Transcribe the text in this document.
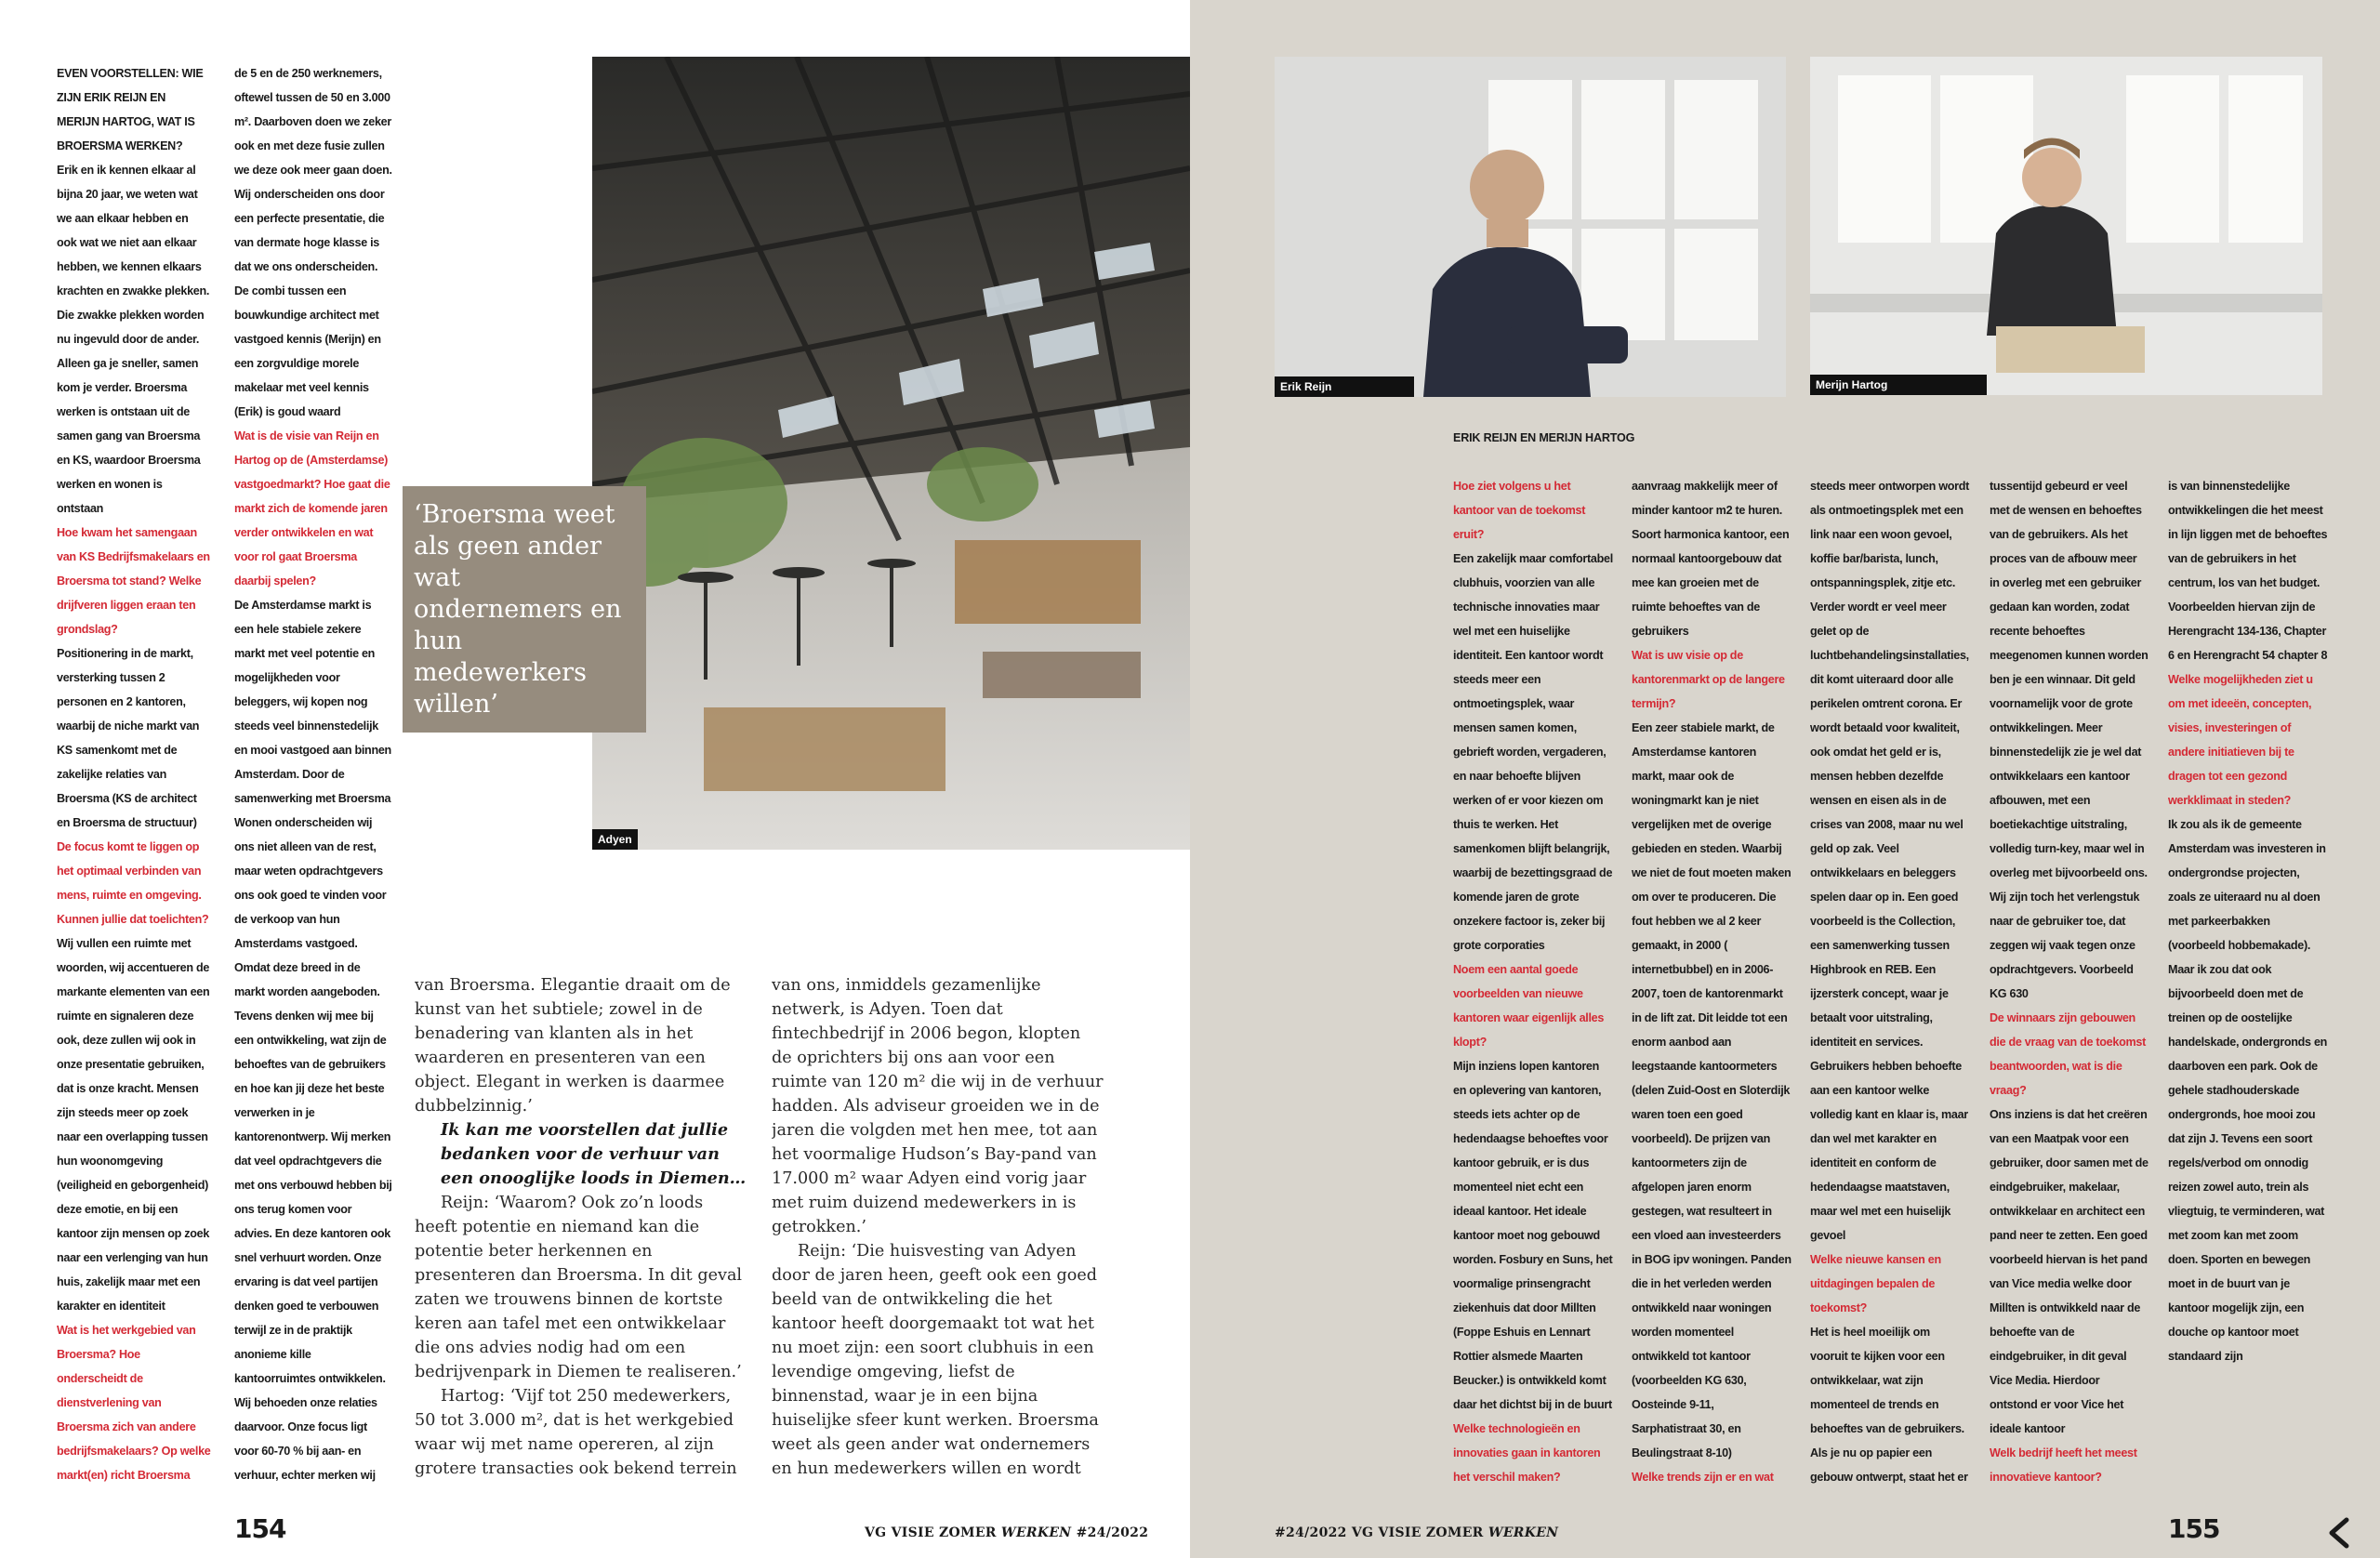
EVEN VOORSTELLEN: WIE ZIJN ERIK REIJN EN MERIJN HARTOG, WAT IS BROERSMA WERKEN?

Erik en ik kennen elkaar al bijna 20 jaar, we weten wat we aan elkaar hebben en ook wat we niet aan elkaar hebben, we kennen elkaars krachten en zwakke plekken. Die zwakke plekken worden nu ingevuld door de ander. Alleen ga je sneller, samen kom je verder. Broersma werken is ontstaan uit de samen gang van Broersma en KS, waardoor Broersma werken en wonen is ontstaan

Hoe kwam het samengaan van KS Bedrijfsmakelaars en Broersma tot stand? Welke drijfveren liggen eraan ten grondslag?

Positionering in de markt, versterking tussen 2 personen en 2 kantoren, waarbij de niche markt van KS samenkomt met de zakelijke relaties van Broersma (KS de architect en Broersma de structuur)

De focus komt te liggen op het optimaal verbinden van mens, ruimte en omgeving. Kunnen jullie dat toelichten?

Wij vullen een ruimte met woorden, wij accentueren de markante elementen van een ruimte en signaleren deze ook, deze zullen wij ook in onze presentatie gebruiken, dat is onze kracht. Mensen zijn steeds meer op zoek naar een overlapping tussen hun woonomgeving (veiligheid en geborgenheid) deze emotie, en bij een kantoor zijn mensen op zoek naar een verlenging van hun huis, zakelijk maar met een karakter en identiteit

Wat is het werkgebied van Broersma? Hoe onderscheidt de dienstverlening van Broersma zich van andere bedrijfsmakelaars? Op welke markt(en) richt Broersma

de 5 en de 250 werknemers, oftewel tussen de 50 en 3.000 m². Daarboven doen we zeker ook en met deze fusie zullen we deze ook meer gaan doen. Wij onderscheiden ons door een perfecte presentatie, die van dermate hoge klasse is dat we ons onderscheiden. De combi tussen een bouwkundige architect met vastgoed kennis (Merijn) en een zorgvuldige morele makelaar met veel kennis (Erik) is goud waard

Wat is de visie van Reijn en Hartog op de (Amsterdamse) vastgoedmarkt? Hoe gaat die markt zich de komende jaren verder ontwikkelen en wat voor rol gaat Broersma daarbij spelen?

De Amsterdamse markt is een hele stabiele zekere markt met veel potentie en mogelijkheden voor beleggers, wij kopen nog steeds veel binnenstedelijk en mooi vastgoed aan binnen Amsterdam. Door de samenwerking met Broersma Wonen onderscheiden wij ons niet alleen van de rest, maar weten opdrachtgevers ons ook goed te vinden voor de verkoop van hun Amsterdams vastgoed. Omdat deze breed in de markt worden aangeboden. Tevens denken wij mee bij een ontwikkeling, wat zijn de behoeftes van de gebruikers en hoe kan jij deze het beste verwerken in je kantorenontwerp. Wij merken dat veel opdrachtgevers die met ons verbouwd hebben bij ons terug komen voor advies. En deze kantoren ook snel verhuurt worden. Onze ervaring is dat veel partijen denken goed te verbouwen terwijl ze in de praktijk anonieme kille kantoorruimtes ontwikkelen. Wij behoeden onze relaties daarvoor. Onze focus ligt voor 60-70 % bij aan- en verhuur, echter merken wij

Adyen
‘Broersma weet als geen ander wat ondernemers en hun medewerkers willen’

van Broersma. Elegantie draait om de kunst van het subtiele; zowel in de benadering van klanten als in het waarderen en presenteren van een object. Elegant in werken is daarmee dubbelzinnig.’

Ik kan me voorstellen dat jullie bedanken voor de verhuur van een onooglijke loods in Diemen…

Reijn: ‘Waarom? Ook zo’n loods heeft potentie en niemand kan die potentie beter herkennen en presenteren dan Broersma. In dit geval zaten we trouwens binnen de kortste keren aan tafel met een ontwikkelaar die ons advies nodig had om een bedrijvenpark in Diemen te realiseren.’

Hartog: ‘Vijf tot 250 medewerkers, 50 tot 3.000 m², dat is het werkgebied waar wij met name opereren, al zijn grotere transacties ook bekend terrein

van ons, inmiddels gezamenlijke netwerk, is Adyen. Toen dat fintechbedrijf in 2006 begon, klopten de oprichters bij ons aan voor een ruimte van 120 m² die wij in de verhuur hadden. Als adviseur groeiden we in de jaren die volgden met hen mee, tot aan het voormalige Hudson’s Bay-pand van 17.000 m² waar Adyen eind vorig jaar met ruim duizend medewerkers in is getrokken.’

Reijn: ‘Die huisvesting van Adyen door de jaren heen, geeft ook een goed beeld van de ontwikkeling die het kantoor heeft doorgemaakt tot wat het nu moet zijn: een soort clubhuis in een levendige omgeving, liefst de binnenstad, waar je in een bijna huiselijke sfeer kunt werken. Broersma weet als geen ander wat ondernemers en hun medewerkers willen en wordt

154	VG VISIE ZOMER WERKEN #24/2022
Erik Reijn	Merijn Hartog
ERIK REIJN EN MERIJN HARTOG

Hoe ziet volgens u het kantoor van de toekomst eruit?

Een zakelijk maar comfortabel clubhuis, voorzien van alle technische innovaties maar wel met een huiselijke identiteit. Een kantoor wordt steeds meer een ontmoetingsplek, waar mensen samen komen, gebrieft worden, vergaderen, en naar behoefte blijven werken of er voor kiezen om thuis te werken. Het samenkomen blijft belangrijk, waarbij de bezettingsgraad de komende jaren de grote onzekere factoor is, zeker bij grote corporaties

Noem een aantal goede voorbeelden van nieuwe kantoren waar eigenlijk alles klopt?

Mijn inziens lopen kantoren en oplevering van kantoren, steeds iets achter op de hedendaagse behoeftes voor kantoor gebruik, er is dus momenteel niet echt een ideaal kantoor. Het ideale kantoor moet nog gebouwd worden. Fosbury en Suns, het voormalige prinsengracht ziekenhuis dat door Millten (Foppe Eshuis en Lennart Rottier alsmede Maarten Beucker.) is ontwikkeld komt daar het dichtst bij in de buurt

Welke technologieën en innovaties gaan in kantoren het verschil maken?

aanvraag makkelijk meer of minder kantoor m2 te huren. Soort harmonica kantoor, een normaal kantoorgebouw dat mee kan groeien met de ruimte behoeftes van de gebruikers

Wat is uw visie op de kantorenmarkt op de langere termijn?

Een zeer stabiele markt, de Amsterdamse kantoren markt, maar ook de woningmarkt kan je niet vergelijken met de overige gebieden en steden. Waarbij we niet de fout moeten maken om over te produceren. Die fout hebben we al 2 keer gemaakt, in 2000 ( internetbubbel) en in 2006-2007, toen de kantorenmarkt in de lift zat. Dit leidde tot een enorm aanbod aan leegstaande kantoormeters (delen Zuid-Oost en Sloterdijk waren toen een goed voorbeeld). De prijzen van kantoormeters zijn de afgelopen jaren enorm gestegen, wat resulteert in een vloed aan investeerders in BOG ipv woningen. Panden die in het verleden werden ontwikkeld naar woningen worden momenteel ontwikkeld tot kantoor (voorbeelden KG 630, Oosteinde 9-11, Sarphatistraat 30, en Beulingstraat 8-10)

Welke trends zijn er en wat

steeds meer ontworpen wordt als ontmoetingsplek met een link naar een woon gevoel, koffie bar/barista, lunch, ontspanningsplek, zitje etc. Verder wordt er veel meer geIet op de luchtbehandelingsinstallaties, dit komt uiteraard door alle perikelen omtrent corona. Er wordt betaald voor kwaliteit, ook omdat het geld er is, mensen hebben dezelfde wensen en eisen als in de crises van 2008, maar nu wel geld op zak. Veel ontwikkelaars en beleggers spelen daar op in. Een goed voorbeeld is the Collection, een samenwerking tussen Highbrook en REB. Een ijzersterk concept, waar je betaalt voor uitstraling, identiteit en services. Gebruikers hebben behoefte aan een kantoor welke volledig kant en klaar is, maar dan wel met karakter en identiteit en conform de hedendaagse maatstaven, maar wel met een huiselijk gevoel

Welke nieuwe kansen en uitdagingen bepalen de toekomst?

Het is heel moeilijk om vooruit te kijken voor een ontwikkelaar, wat zijn momenteel de trends en behoeftes van de gebruikers. Als je nu op papier een gebouw ontwerpt, staat het er

tussentijd gebeurd er veel met de wensen en behoeftes van de gebruikers. Als het proces van de afbouw meer in overleg met een gebruiker gedaan kan worden, zodat recente behoeftes meegenomen kunnen worden ben je een winnaar. Dit geld voornamelijk voor de grote ontwikkelingen. Meer binnenstedelijk zie je wel dat ontwikkelaars een kantoor afbouwen, met een boetiekachtige uitstraling, volledig turn-key, maar wel in overleg met bijvoorbeeld ons. Wij zijn toch het verlengstuk naar de gebruiker toe, dat zeggen wij vaak tegen onze opdrachtgevers. Voorbeeld KG 630

De winnaars zijn gebouwen die de vraag van de toekomst beantwoorden, wat is die vraag?

Ons inziens is dat het creëren van een Maatpak voor een gebruiker, door samen met de eindgebruiker, makelaar, ontwikkelaar en architect een pand neer te zetten. Een goed voorbeeld hiervan is het pand van Vice media welke door Millten is ontwikkeld naar de behoefte van de eindgebruiker, in dit geval Vice Media. Hierdoor ontstond er voor Vice het ideale kantoor

Welk bedrijf heeft het meest innovatieve kantoor?

is van binnenstedelijke ontwikkelingen die het meest in lijn liggen met de behoeftes van de gebruikers in het centrum, los van het budget. Voorbeelden hiervan zijn de Herengracht 134-136, Chapter 6 en Herengracht 54 chapter 8

Welke mogelijkheden ziet u om met ideeën, concepten, visies, investeringen of andere initiatieven bij te dragen tot een gezond werkklimaat in steden?

Ik zou als ik de gemeente Amsterdam was investeren in ondergrondse projecten, zoals ze uiteraard nu al doen met parkeerbakken (voorbeeld hobbemakade). Maar ik zou dat ook bijvoorbeeld doen met de treinen op de oostelijke handelskade, ondergronds en daarboven een park. Ook de gehele stadhouderskade ondergronds, hoe mooi zou dat zijn J. Tevens een soort regels/verbod om onnodig reizen zowel auto, trein als vliegtuig, te verminderen, wat met zoom kan met zoom doen. Sporten en bewegen moet in de buurt van je kantoor mogelijk zijn, een douche op kantoor moet standaard zijn

#24/2022 VG VISIE ZOMER WERKEN	155
